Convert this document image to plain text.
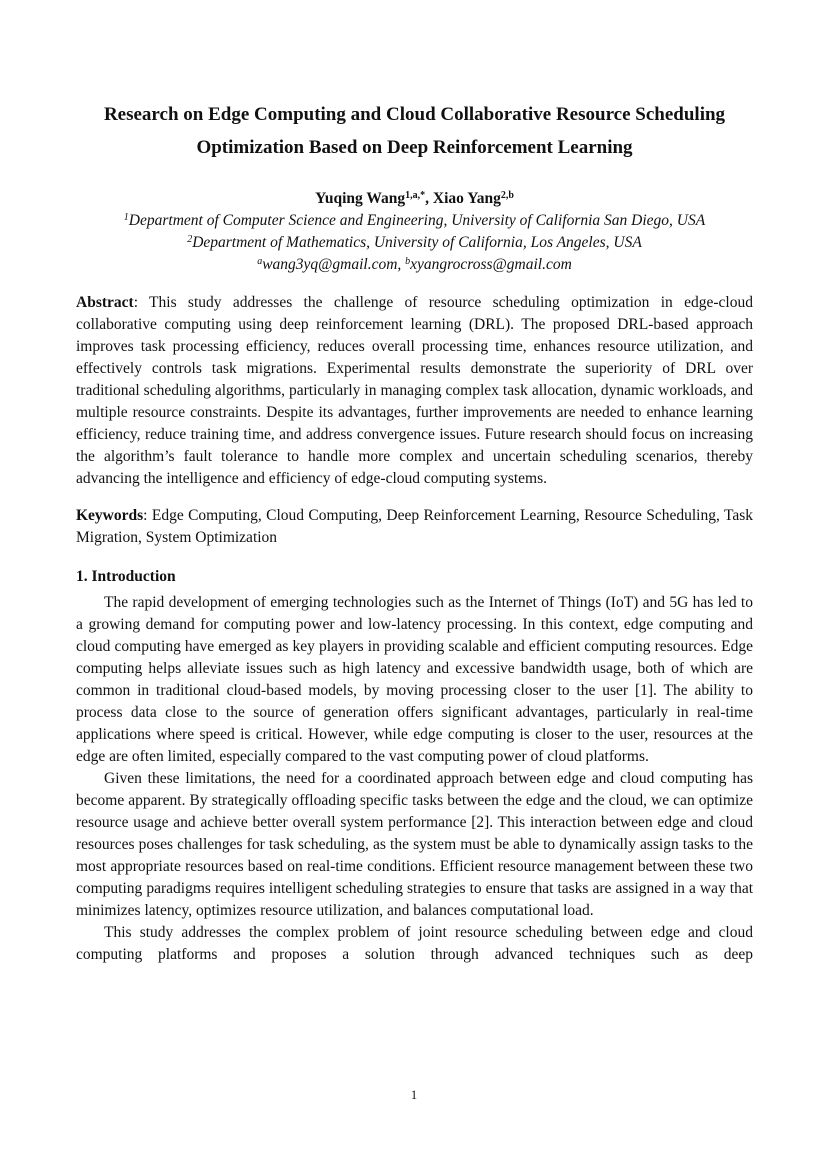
Research on Edge Computing and Cloud Collaborative Resource Scheduling
Optimization Based on Deep Reinforcement Learning
Yuqing Wang$^{1,a,*}$, Xiao Yang$^{2,b}$
$^1$Department of Computer Science and Engineering, University of California San Diego, USA
$^2$Department of Mathematics, University of California, Los Angeles, USA
$^a$wang3yq@gmail.com, $^b$xyangrocross@gmail.com

Abstract: This study addresses the challenge of resource scheduling optimization in edge-cloud collaborative computing using deep reinforcement learning (DRL). The proposed DRL-based approach improves task processing efficiency, reduces overall processing time, enhances resource utilization, and effectively controls task migrations. Experimental results demonstrate the superiority of DRL over traditional scheduling algorithms, particularly in managing complex task allocation, dynamic workloads, and multiple resource constraints. Despite its advantages, further improvements are needed to enhance learning efficiency, reduce training time, and address convergence issues. Future research should focus on increasing the algorithm’s fault tolerance to handle more complex and uncertain scheduling scenarios, thereby advancing the intelligence and efficiency of edge-cloud computing systems.

Keywords: Edge Computing, Cloud Computing, Deep Reinforcement Learning, Resource Scheduling, Task Migration, System Optimization

1. Introduction

The rapid development of emerging technologies such as the Internet of Things (IoT) and 5G has led to a growing demand for computing power and low-latency processing. In this context, edge computing and cloud computing have emerged as key players in providing scalable and efficient computing resources. Edge computing helps alleviate issues such as high latency and excessive bandwidth usage, both of which are common in traditional cloud-based models, by moving processing closer to the user [1]. The ability to process data close to the source of generation offers significant advantages, particularly in real-time applications where speed is critical. However, while edge computing is closer to the user, resources at the edge are often limited, especially compared to the vast computing power of cloud platforms.

Given these limitations, the need for a coordinated approach between edge and cloud computing has become apparent. By strategically offloading specific tasks between the edge and the cloud, we can optimize resource usage and achieve better overall system performance [2]. This interaction between edge and cloud resources poses challenges for task scheduling, as the system must be able to dynamically assign tasks to the most appropriate resources based on real-time conditions. Efficient resource management between these two computing paradigms requires intelligent scheduling strategies to ensure that tasks are assigned in a way that minimizes latency, optimizes resource utilization, and balances computational load.

This study addresses the complex problem of joint resource scheduling between edge and cloud computing platforms and proposes a solution through advanced techniques such as deep

1
